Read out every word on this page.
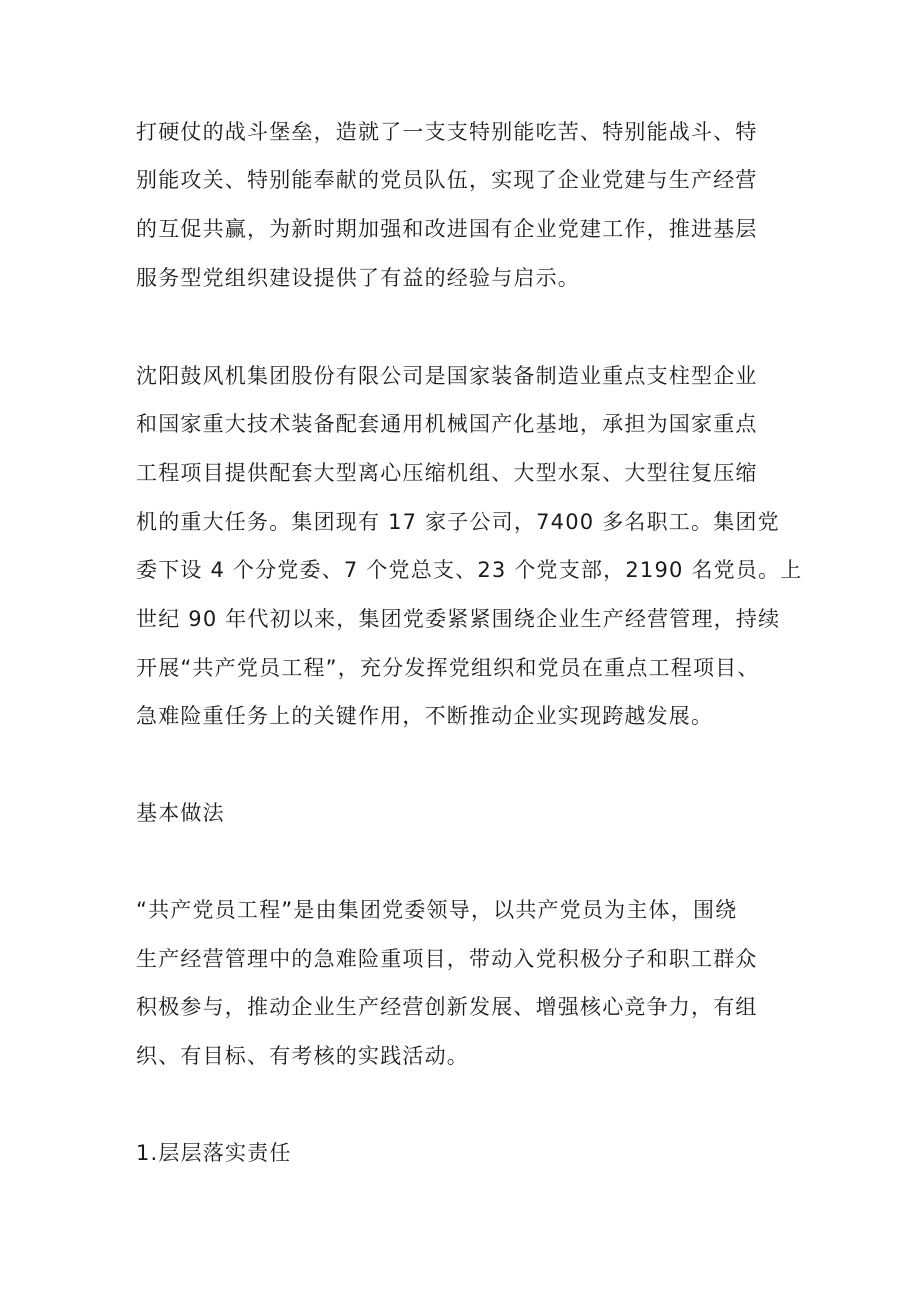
打硬仗的战斗堡垒，造就了一支支特别能吃苦、特别能战斗、特
别能攻关、特别能奉献的党员队伍，实现了企业党建与生产经营
的互促共赢，为新时期加强和改进国有企业党建工作，推进基层
服务型党组织建设提供了有益的经验与启示。
沈阳鼓风机集团股份有限公司是国家装备制造业重点支柱型企业
和国家重大技术装备配套通用机械国产化基地，承担为国家重点
工程项目提供配套大型离心压缩机组、大型水泵、大型往复压缩
机的重大任务。集团现有 17 家子公司，7400 多名职工。集团党
委下设 4 个分党委、7 个党总支、23 个党支部，2190 名党员。上
世纪 90 年代初以来，集团党委紧紧围绕企业生产经营管理，持续
开展“共产党员工程”，充分发挥党组织和党员在重点工程项目、
急难险重任务上的关键作用，不断推动企业实现跨越发展。
基本做法
“共产党员工程”是由集团党委领导，以共产党员为主体，围绕
生产经营管理中的急难险重项目，带动入党积极分子和职工群众
积极参与，推动企业生产经营创新发展、增强核心竞争力，有组
织、有目标、有考核的实践活动。
1.层层落实责任
